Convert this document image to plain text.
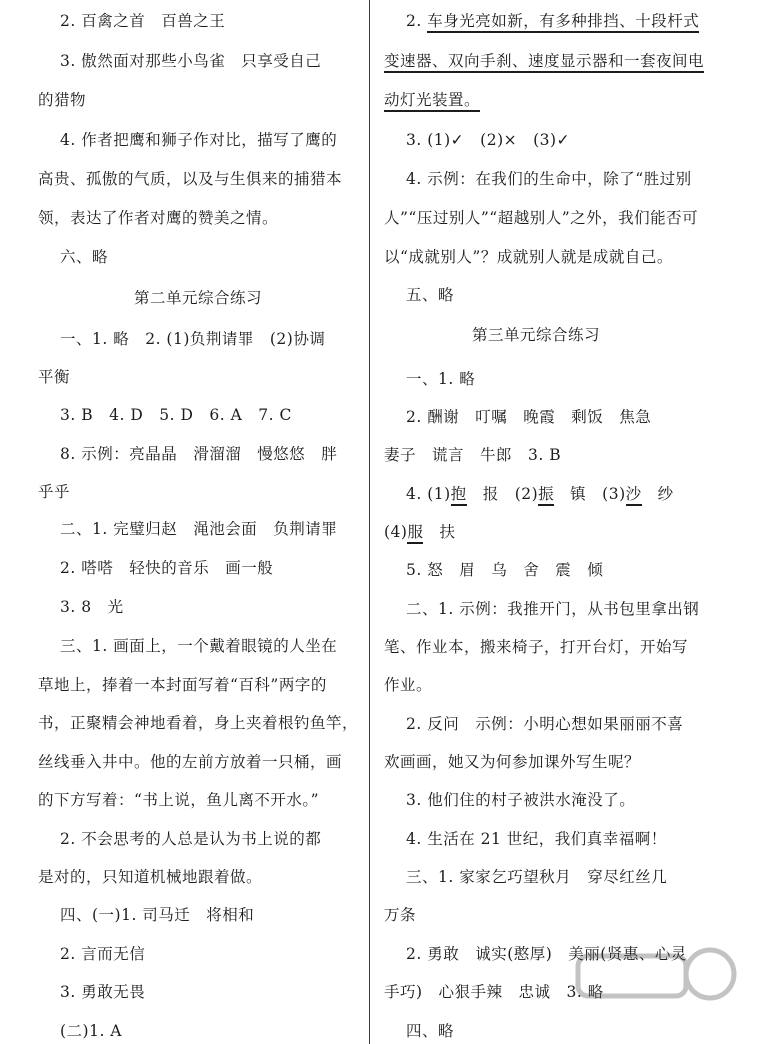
2. 百禽之首　百兽之王
3. 傲然面对那些小鸟雀　只享受自己
的猎物
4. 作者把鹰和狮子作对比，描写了鹰的
高贵、孤傲的气质，以及与生俱来的捕猎本
领，表达了作者对鹰的赞美之情。
六、略
第二单元综合练习
一、1. 略　2. (1)负荆请罪　(2)协调
平衡
3. B　4. D　5. D　6. A　7. C
8. 示例：亮晶晶　滑溜溜　慢悠悠　胖
乎乎
二、1. 完璧归赵　渑池会面　负荆请罪
2. 嗒嗒　轻快的音乐　画一般
3. 8　光
三、1. 画面上，一个戴着眼镜的人坐在
草地上，捧着一本封面写着“百科”两字的
书，正聚精会神地看着，身上夹着根钓鱼竿，
丝线垂入井中。他的左前方放着一只桶，画
的下方写着：“书上说，鱼儿离不开水。”
2. 不会思考的人总是认为书上说的都
是对的，只知道机械地跟着做。
四、(一)1. 司马迁　将相和
2. 言而无信
3. 勇敢无畏
(二)1. A
2. 车身光亮如新，有多种排挡、十段杆式
变速器、双向手刹、速度显示器和一套夜间电
动灯光装置。
3. (1)✓　(2)×　(3)✓
4. 示例：在我们的生命中，除了“胜过别
人”“压过别人”“超越别人”之外，我们能否可
以“成就别人”？成就别人就是成就自己。
五、略
第三单元综合练习
一、1. 略
2. 酬谢　叮嘱　晚霞　剩饭　焦急
妻子　谎言　牛郎　3. B
4. (1)抱　报　(2)振　镇　(3)沙　纱
(4)服　扶
5. 怒　眉　乌　舍　震　倾
二、1. 示例：我推开门，从书包里拿出钢
笔、作业本，搬来椅子，打开台灯，开始写
作业。
2. 反问　示例：小明心想如果丽丽不喜
欢画画，她又为何参加课外写生呢？
3. 他们住的村子被洪水淹没了。
4. 生活在 21 世纪，我们真幸福啊！
三、1. 家家乞巧望秋月　穿尽红丝几
万条
2. 勇敢　诚实(憨厚)　美丽(贤惠、心灵
手巧)　心狠手辣　忠诚　3. 略
四、略
